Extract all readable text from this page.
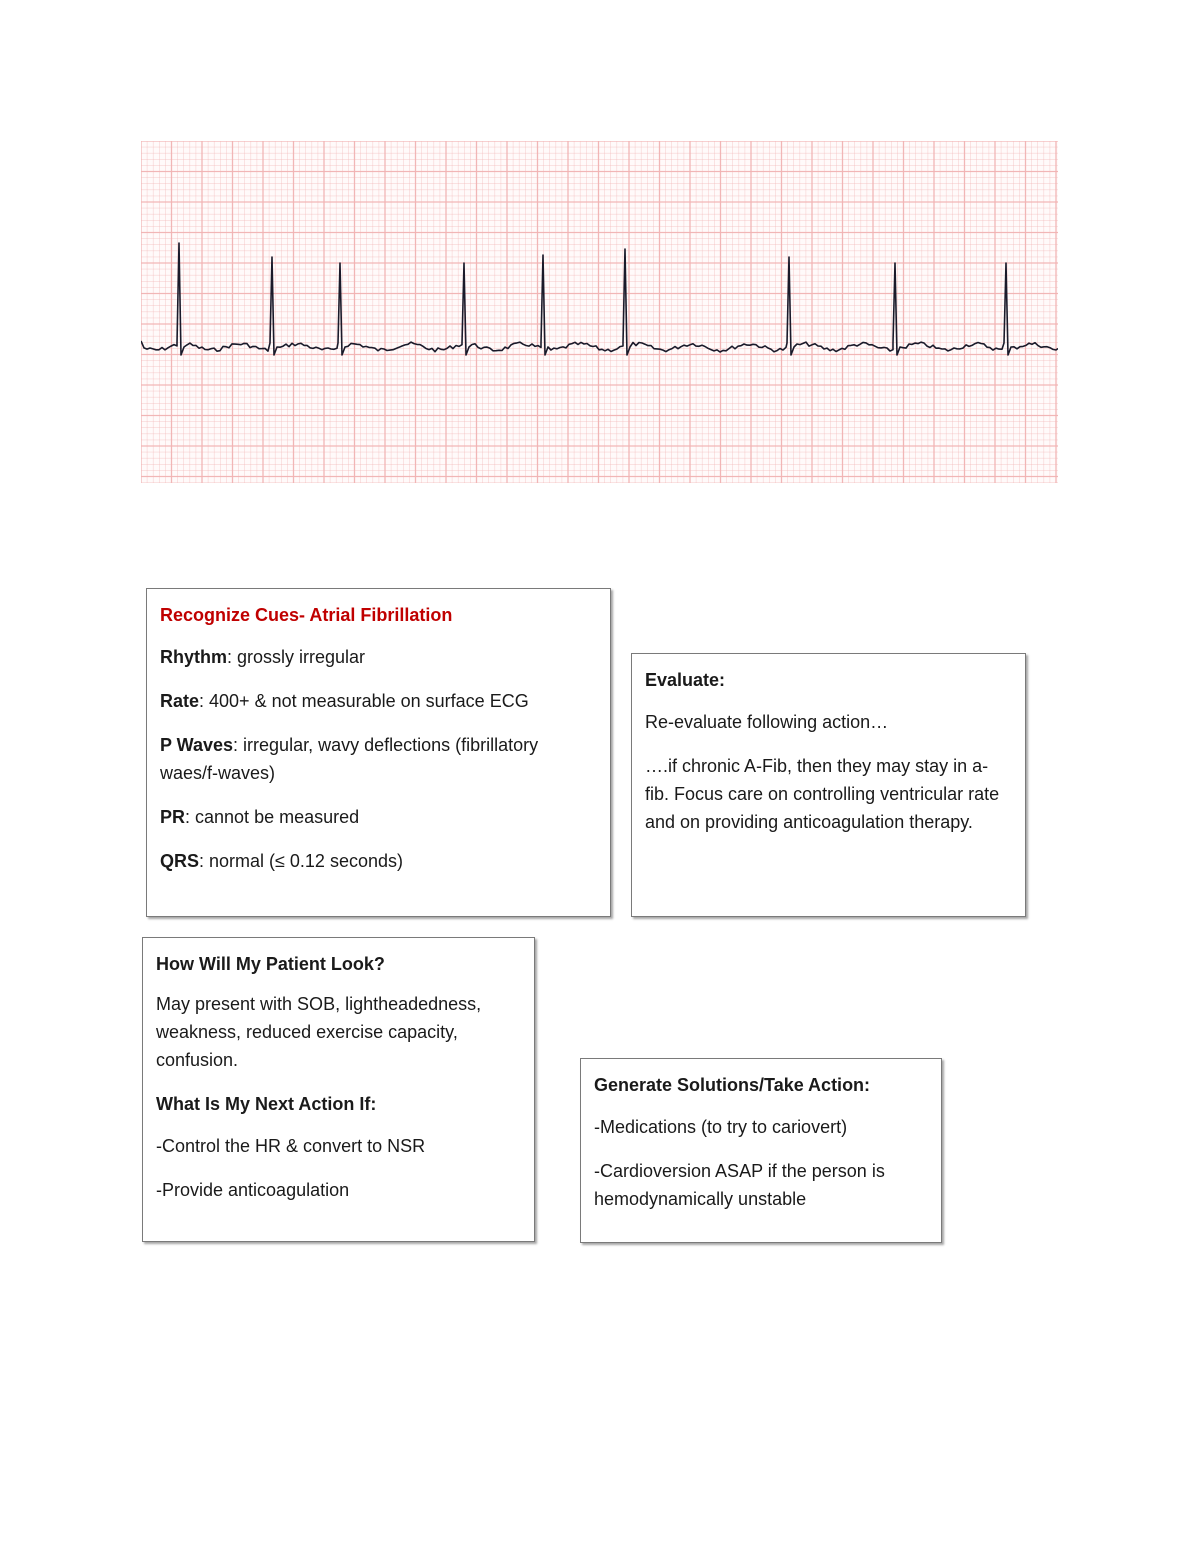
Recognize Cues- Atrial Fibrillation

Rhythm: grossly irregular

Rate: 400+ & not measurable on surface ECG

P Waves: irregular, wavy deflections (fibrillatory waes/f-waves)

PR: cannot be measured

QRS: normal (≤ 0.12 seconds)

Evaluate:

Re-evaluate following action…

….if chronic A-Fib, then they may stay in a-fib. Focus care on controlling ventricular rate and on providing anticoagulation therapy.

How Will My Patient Look?

May present with SOB, lightheadedness, weakness, reduced exercise capacity, confusion.

What Is My Next Action If:

-Control the HR & convert to NSR

-Provide anticoagulation

Generate Solutions/Take Action:

-Medications (to try to cariovert)

-Cardioversion ASAP if the person is hemodynamically unstable
